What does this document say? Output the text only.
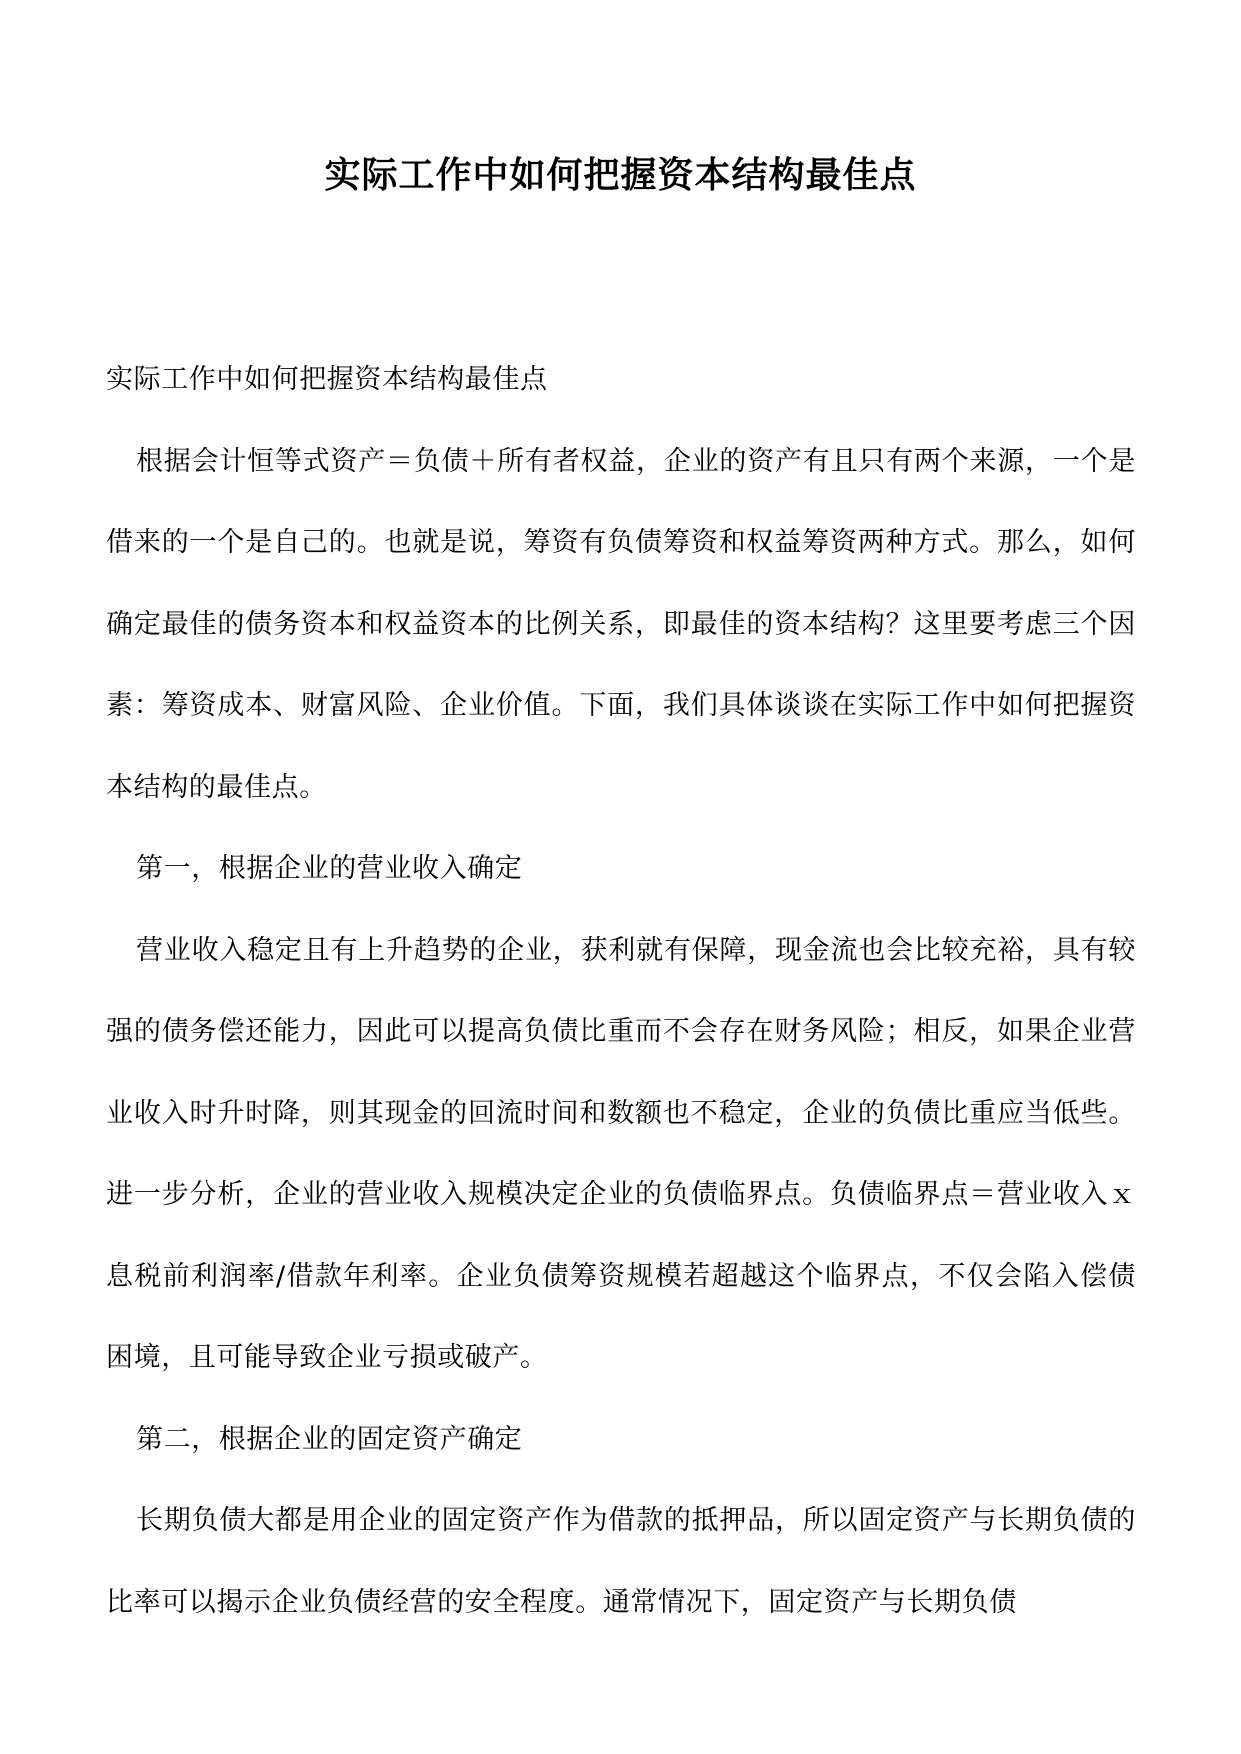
实际工作中如何把握资本结构最佳点

实际工作中如何把握资本结构最佳点

根据会计恒等式资产＝负债＋所有者权益，企业的资产有且只有两个来源，一个是借来的一个是自己的。也就是说，筹资有负债筹资和权益筹资两种方式。那么，如何确定最佳的债务资本和权益资本的比例关系，即最佳的资本结构？这里要考虑三个因素：筹资成本、财富风险、企业价值。下面，我们具体谈谈在实际工作中如何把握资本结构的最佳点。

第一，根据企业的营业收入确定

营业收入稳定且有上升趋势的企业，获利就有保障，现金流也会比较充裕，具有较强的债务偿还能力，因此可以提高负债比重而不会存在财务风险；相反，如果企业营业收入时升时降，则其现金的回流时间和数额也不稳定，企业的负债比重应当低些。进一步分析，企业的营业收入规模决定企业的负债临界点。负债临界点＝营业收入ｘ息税前利润率/借款年利率。企业负债筹资规模若超越这个临界点，不仅会陷入偿债困境，且可能导致企业亏损或破产。

第二，根据企业的固定资产确定

长期负债大都是用企业的固定资产作为借款的抵押品，所以固定资产与长期负债的比率可以揭示企业负债经营的安全程度。通常情况下，固定资产与长期负债
